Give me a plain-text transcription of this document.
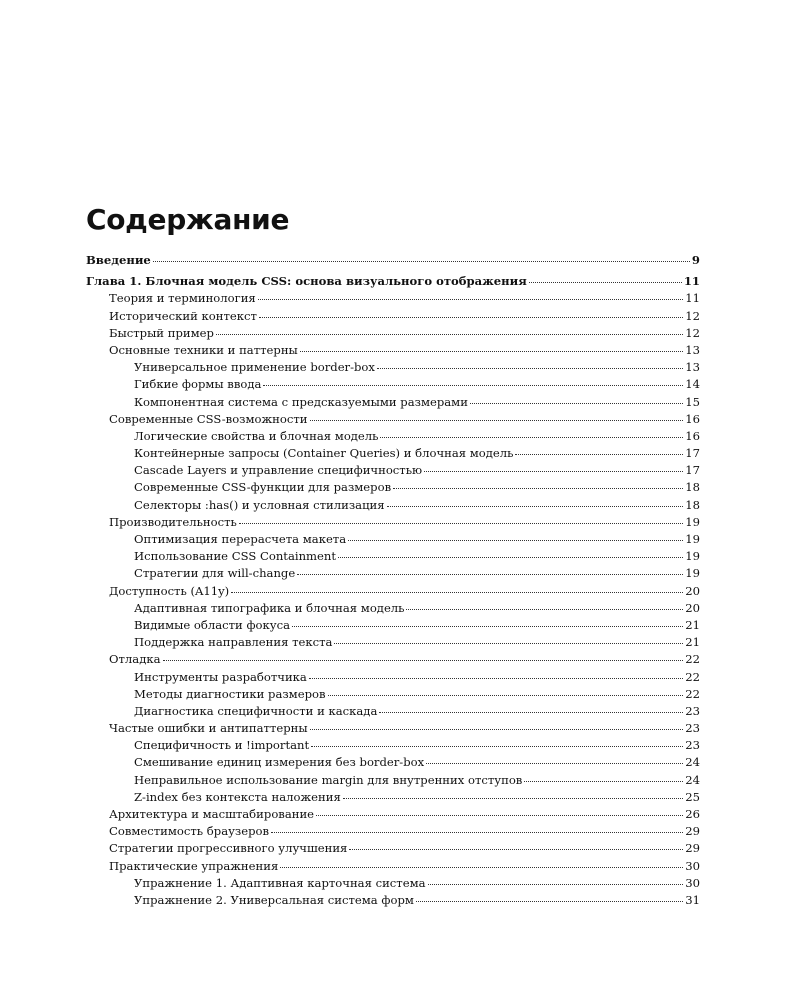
Содержание
Введение	9
Глава 1. Блочная модель CSS: основа визуального отображения	11
Теория и терминология	11
Исторический контекст	12
Быстрый пример	12
Основные техники и паттерны	13
Универсальное применение border-box	13
Гибкие формы ввода	14
Компонентная система с предсказуемыми размерами	15
Современные CSS-возможности	16
Логические свойства и блочная модель	16
Контейнерные запросы (Container Queries) и блочная модель	17
Cascade Layers и управление специфичностью	17
Современные CSS-функции для размеров	18
Селекторы :has() и условная стилизация	18
Производительность	19
Оптимизация перерасчета макета	19
Использование CSS Containment	19
Стратегии для will-change	19
Доступность (A11y)	20
Адаптивная типографика и блочная модель	20
Видимые области фокуса	21
Поддержка направления текста	21
Отладка	22
Инструменты разработчика	22
Методы диагностики размеров	22
Диагностика специфичности и каскада	23
Частые ошибки и антипаттерны	23
Специфичность и !important	23
Смешивание единиц измерения без border-box	24
Неправильное использование margin для внутренних отступов	24
Z-index без контекста наложения	25
Архитектура и масштабирование	26
Совместимость браузеров	29
Стратегии прогрессивного улучшения	29
Практические упражнения	30
Упражнение 1. Адаптивная карточная система	30
Упражнение 2. Универсальная система форм	31
